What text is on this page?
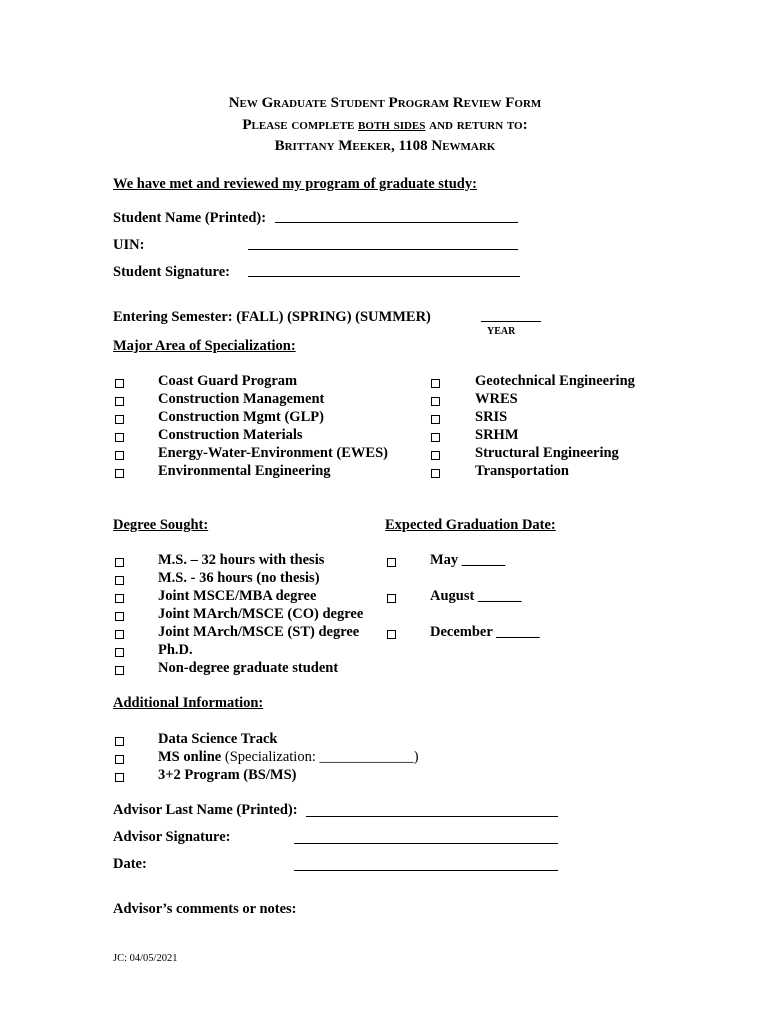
New Graduate Student Program Review Form
Please complete both sides and return to:
Brittany Meeker, 1108 Newmark
We have met and reviewed my program of graduate study:
Student Name (Printed):
UIN:
Student Signature:
Entering Semester: (FALL) (SPRING) (SUMMER)
YEAR
Major Area of Specialization:
Coast Guard Program
Construction Management
Construction Mgmt (GLP)
Construction Materials
Energy-Water-Environment (EWES)
Environmental Engineering
Geotechnical Engineering
WRES
SRIS
SRHM
Structural Engineering
Transportation
Degree Sought:	Expected Graduation Date:
M.S. – 32 hours with thesis
M.S. - 36 hours (no thesis)
Joint MSCE/MBA degree
Joint MArch/MSCE (CO) degree
Joint MArch/MSCE (ST) degree
Ph.D.
Non-degree graduate student
May ______
August ______
December ______
Additional Information:
Data Science Track
MS online (Specialization: _____________)
3+2 Program (BS/MS)
Advisor Last Name (Printed):
Advisor Signature:
Date:
Advisor’s comments or notes:
JC: 04/05/2021
